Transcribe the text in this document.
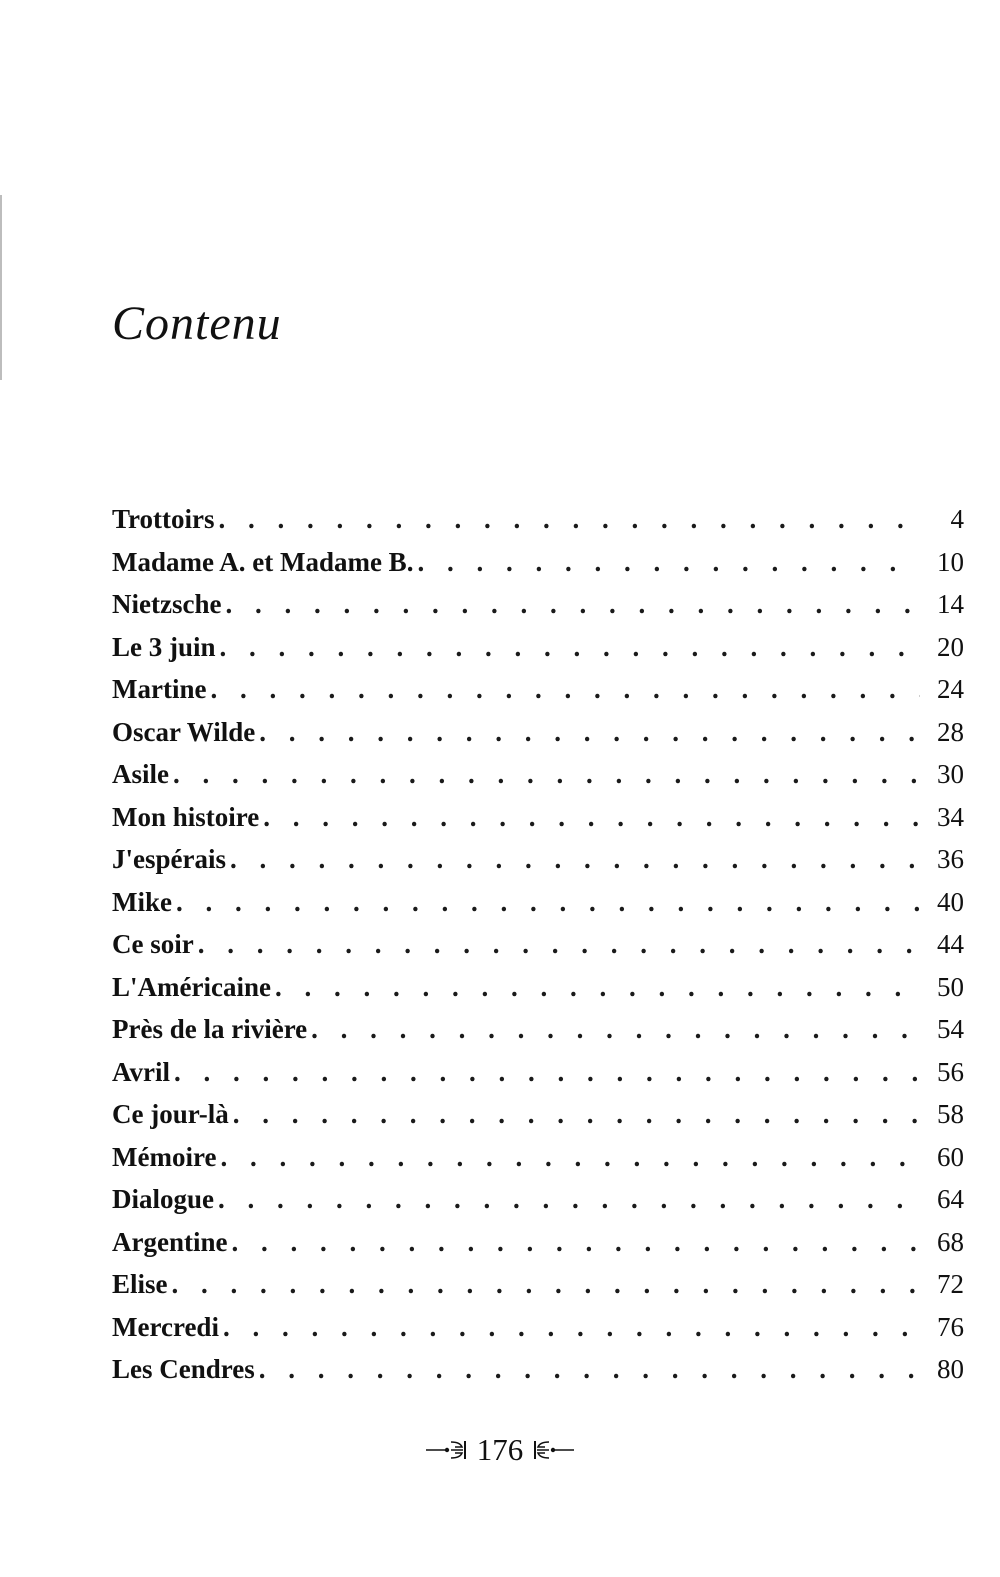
Contenu
Trottoirs . . .	4
Madame A. et Madame B. . . .	10
Nietzsche . . .	14
Le 3 juin . . .	20
Martine . . .	24
Oscar Wilde . . .	28
Asile . . .	30
Mon histoire . . .	34
J'espérais . . .	36
Mike . . .	40
Ce soir . . .	44
L'Américaine . . .	50
Près de la rivière . . .	54
Avril . . .	56
Ce jour-là . . .	58
Mémoire . . .	60
Dialogue . . .	64
Argentine . . .	68
Elise . . .	72
Mercredi . . .	76
Les Cendres . . .	80
176
